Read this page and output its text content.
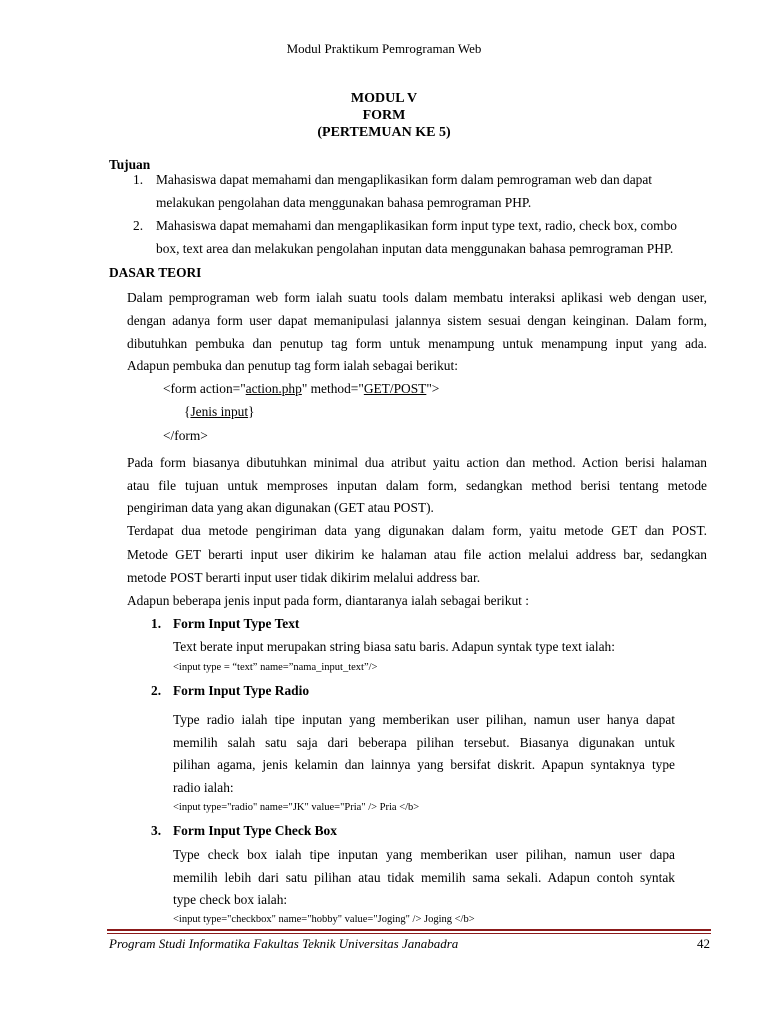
Modul Praktikum Pemrograman Web
MODUL V
FORM
(PERTEMUAN KE 5)
Tujuan
1. Mahasiswa dapat memahami dan mengaplikasikan form dalam pemrograman web dan dapat
melakukan pengolahan data menggunakan bahasa pemrograman PHP.
2. Mahasiswa dapat memahami dan mengaplikasikan form input type text, radio, check box, combo
box, text area dan melakukan pengolahan inputan data menggunakan bahasa pemrograman PHP.
DASAR TEORI
Dalam pemprograman web form ialah suatu tools dalam membatu interaksi aplikasi web dengan user,
dengan adanya form user dapat memanipulasi jalannya sistem sesuai dengan keinginan. Dalam form,
dibutuhkan pembuka dan penutup tag form untuk menampung untuk menampung input yang ada.
Adapun pembuka dan penutup tag form ialah sebagai berikut:
<form action="action.php" method="GET/POST">
{Jenis input}
</form>
Pada form biasanya dibutuhkan minimal dua atribut yaitu action dan method. Action berisi halaman
atau file tujuan untuk memproses inputan dalam form, sedangkan method berisi tentang metode
pengiriman data yang akan digunakan (GET atau POST).
Terdapat dua metode pengiriman data yang digunakan dalam form, yaitu metode GET dan POST.
Metode GET berarti input user dikirim ke halaman atau file action melalui address bar, sedangkan
metode POST berarti input user tidak dikirim melalui address bar.
Adapun beberapa jenis input pada form, diantaranya ialah sebagai berikut :
1. Form Input Type Text
Text berate input merupakan string biasa satu baris. Adapun syntak type text ialah:
<input type = “text” name=”nama_input_text”/>
2. Form Input Type Radio
Type radio ialah tipe inputan yang memberikan user pilihan, namun user hanya dapat
memilih salah satu saja dari beberapa pilihan tersebut. Biasanya digunakan untuk
pilihan agama, jenis kelamin dan lainnya yang bersifat diskrit. Apapun syntaknya type
radio ialah:
<input type="radio" name="JK" value="Pria" /> Pria </b>
3. Form Input Type Check Box
Type check box ialah tipe inputan yang memberikan user pilihan, namun user dapa
memilih lebih dari satu pilihan atau tidak memilih sama sekali. Adapun contoh syntak
type check box ialah:
<input type="checkbox" name="hobby" value="Joging" /> Joging </b>
Program Studi Informatika Fakultas Teknik Universitas Janabadra	42
